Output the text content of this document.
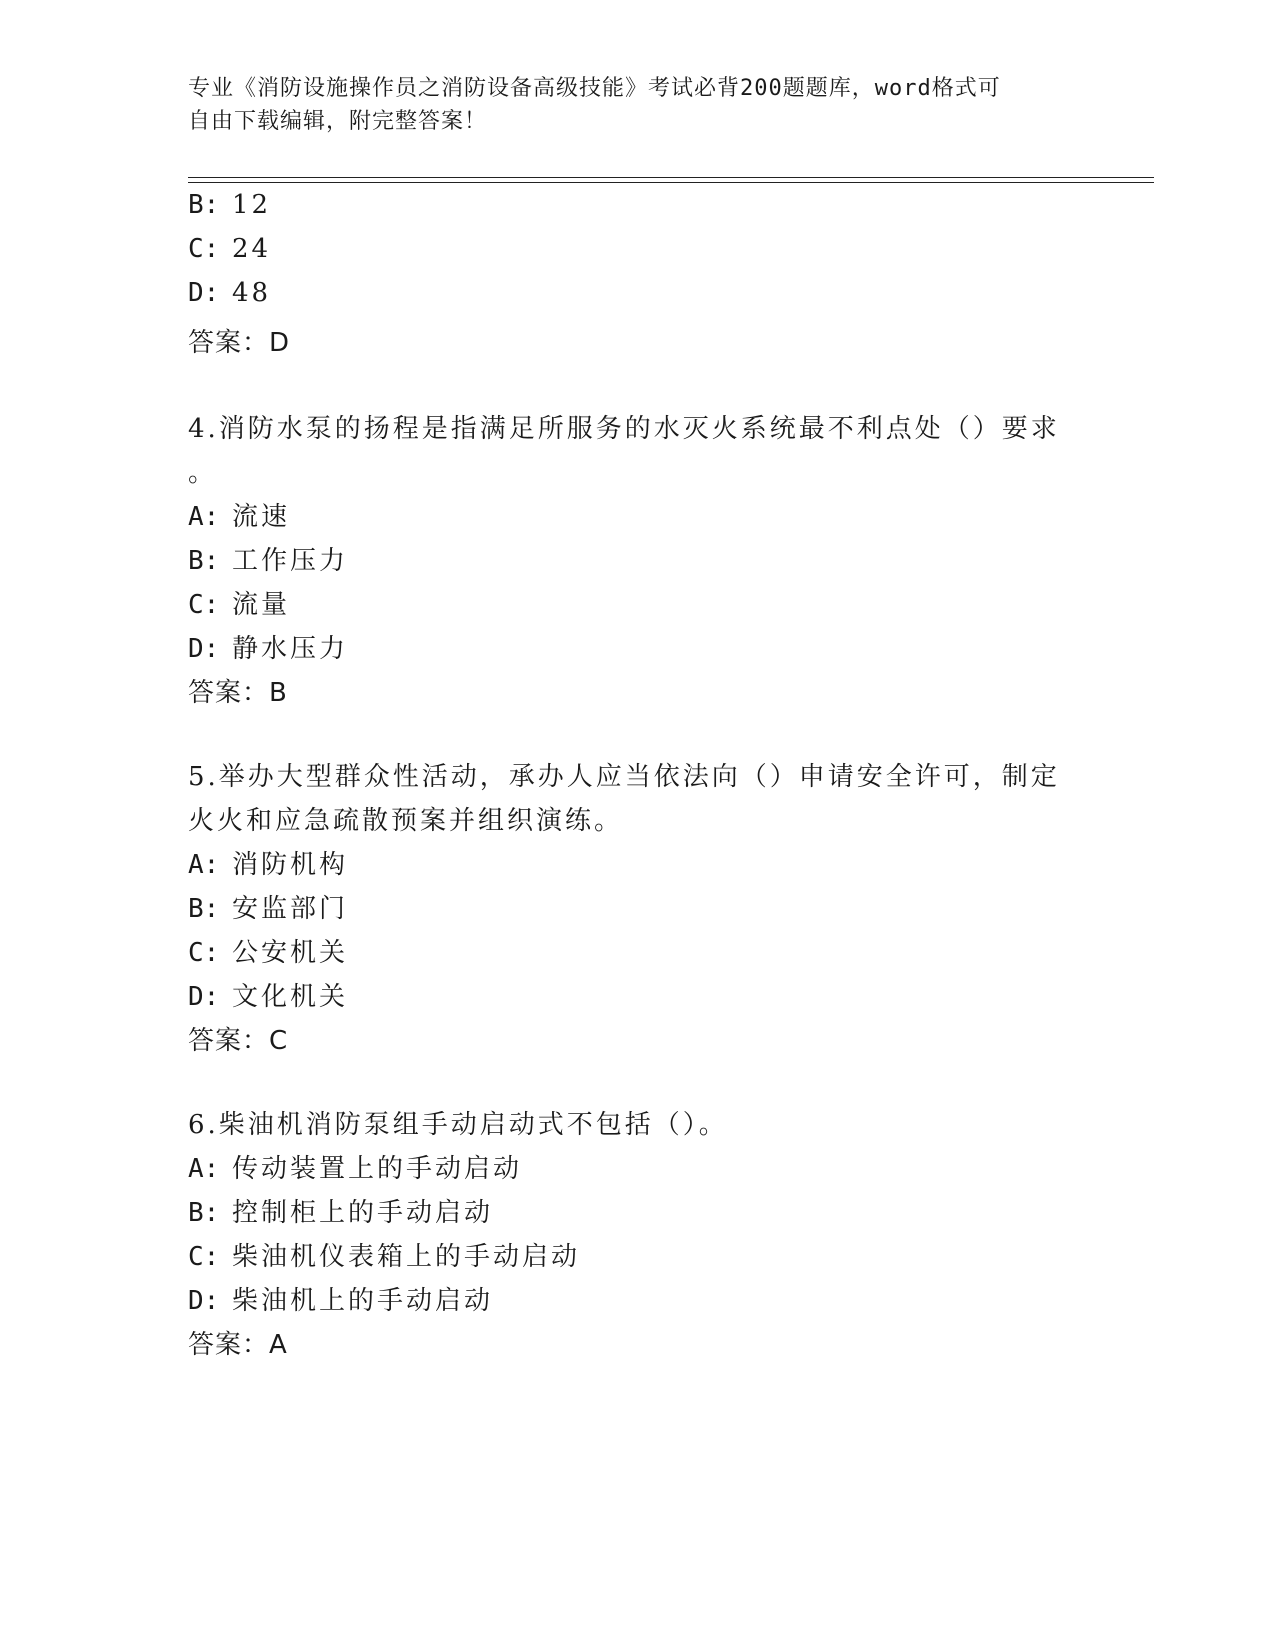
专业《消防设施操作员之消防设备高级技能》考试必背200题题库，word格式可
自由下载编辑，附完整答案！
B: 12
C: 24
D: 48
答案：D
4.消防水泵的扬程是指满足所服务的水灭火系统最不利点处（）要求
。
A: 流速
B: 工作压力
C: 流量
D: 静水压力
答案：B
5.举办大型群众性活动，承办人应当依法向（）申请安全许可，制定
火火和应急疏散预案并组织演练。
A: 消防机构
B: 安监部门
C: 公安机关
D: 文化机关
答案：C
6.柴油机消防泵组手动启动式不包括（）。
A: 传动装置上的手动启动
B: 控制柜上的手动启动
C: 柴油机仪表箱上的手动启动
D: 柴油机上的手动启动
答案：A
